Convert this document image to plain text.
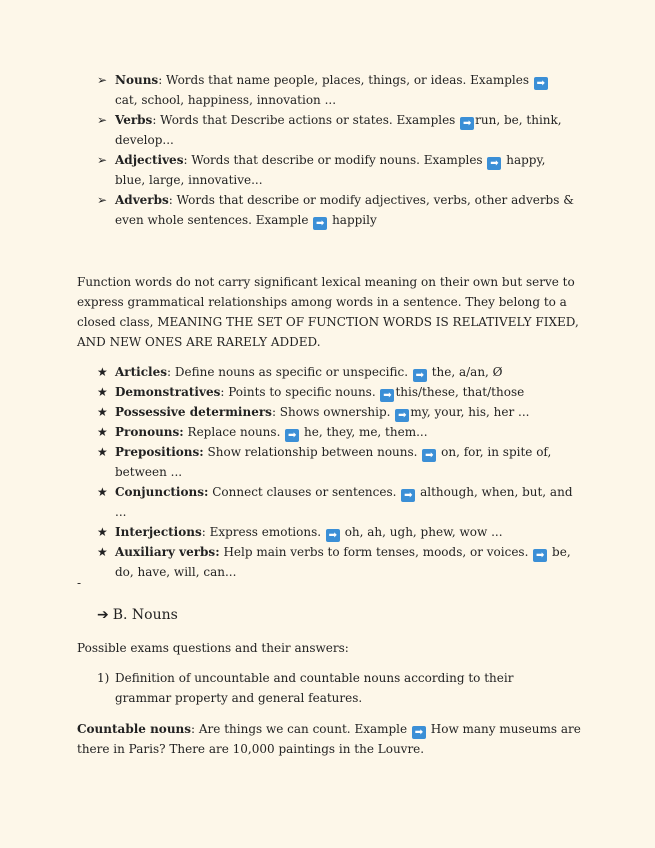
➢ Nouns: Words that name people, places, things, or ideas. Examples ➡ cat, school, happiness, innovation ...
➢ Verbs: Words that Describe actions or states. Examples ➡ run, be, think, develop...
➢ Adjectives: Words that describe or modify nouns. Examples ➡ happy, blue, large, innovative...
➢ Adverbs: Words that describe or modify adjectives, verbs, other adverbs & even whole sentences. Example ➡ happily

Function words do not carry significant lexical meaning on their own but serve to express grammatical relationships among words in a sentence. They belong to a closed class, MEANING THE SET OF FUNCTION WORDS IS RELATIVELY FIXED, AND NEW ONES ARE RARELY ADDED.

★ Articles: Define nouns as specific or unspecific. ➡ the, a/an, Ø
★ Demonstratives: Points to specific nouns. ➡ this/these, that/those
★ Possessive determiners: Shows ownership. ➡ my, your, his, her ...
★ Pronouns: Replace nouns. ➡ he, they, me, them...
★ Prepositions: Show relationship between nouns. ➡ on, for, in spite of, between ...
★ Conjunctions: Connect clauses or sentences. ➡ although, when, but, and ...
★ Interjections: Express emotions. ➡ oh, ah, ugh, phew, wow ...
★ Auxiliary verbs: Help main verbs to form tenses, moods, or voices. ➡ be, do, have, will, can...
-
➔ B. Nouns

Possible exams questions and their answers:

1) Definition of uncountable and countable nouns according to their grammar property and general features.

Countable nouns: Are things we can count. Example ➡ How many museums are there in Paris? There are 10,000 paintings in the Louvre.
